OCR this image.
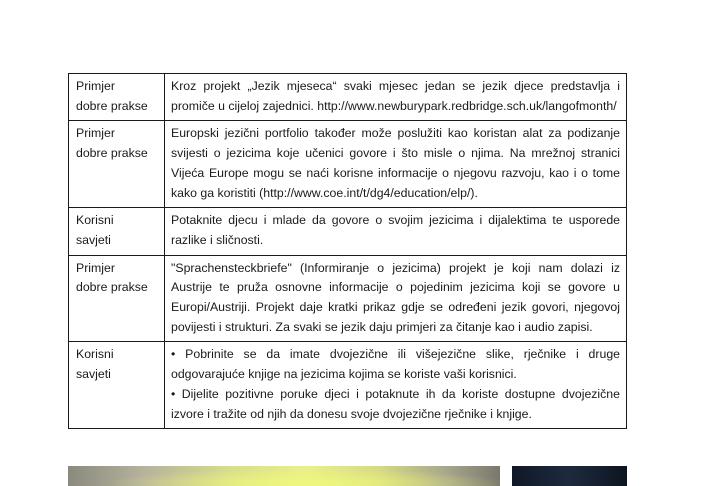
Primjer
dobre prakse	Kroz projekt „Jezik mjeseca“ svaki mjesec jedan se jezik djece predstavlja i promiče u cijeloj zajednici. http://www.newburypark.redbridge.sch.uk/langofmonth/
Primjer
dobre prakse	Europski jezični portfolio također može poslužiti kao koristan alat za podizanje svijesti o jezicima koje učenici govore i što misle o njima. Na mrežnoj stranici Vijeća Europe mogu se naći korisne informacije o njegovu razvoju, kao i o tome kako ga koristiti (http://www.coe.int/t/dg4/education/elp/).
Korisni
savjeti	Potaknite djecu i mlade da govore o svojim jezicima i dijalektima te usporede razlike i sličnosti.
Primjer
dobre prakse	"Sprachensteckbriefe" (Informiranje o jezicima) projekt je koji nam dolazi iz Austrije te pruža osnovne informacije o pojedinim jezicima koji se govore u Europi/Austriji. Projekt daje kratki prikaz gdje se određeni jezik govori, njegovoj povijesti i strukturi. Za svaki se jezik daju primjeri za čitanje kao i audio zapisi.
Korisni
savjeti	• Pobrinite se da imate dvojezične ili višejezične slike, rječnike i druge odgovarajuće knjige na jezicima kojima se koriste vaši korisnici.
• Dijelite pozitivne poruke djeci i potaknute ih da koriste dostupne dvojezične izvore i tražite od njih da donesu svoje dvojezične rječnike i knjige.
